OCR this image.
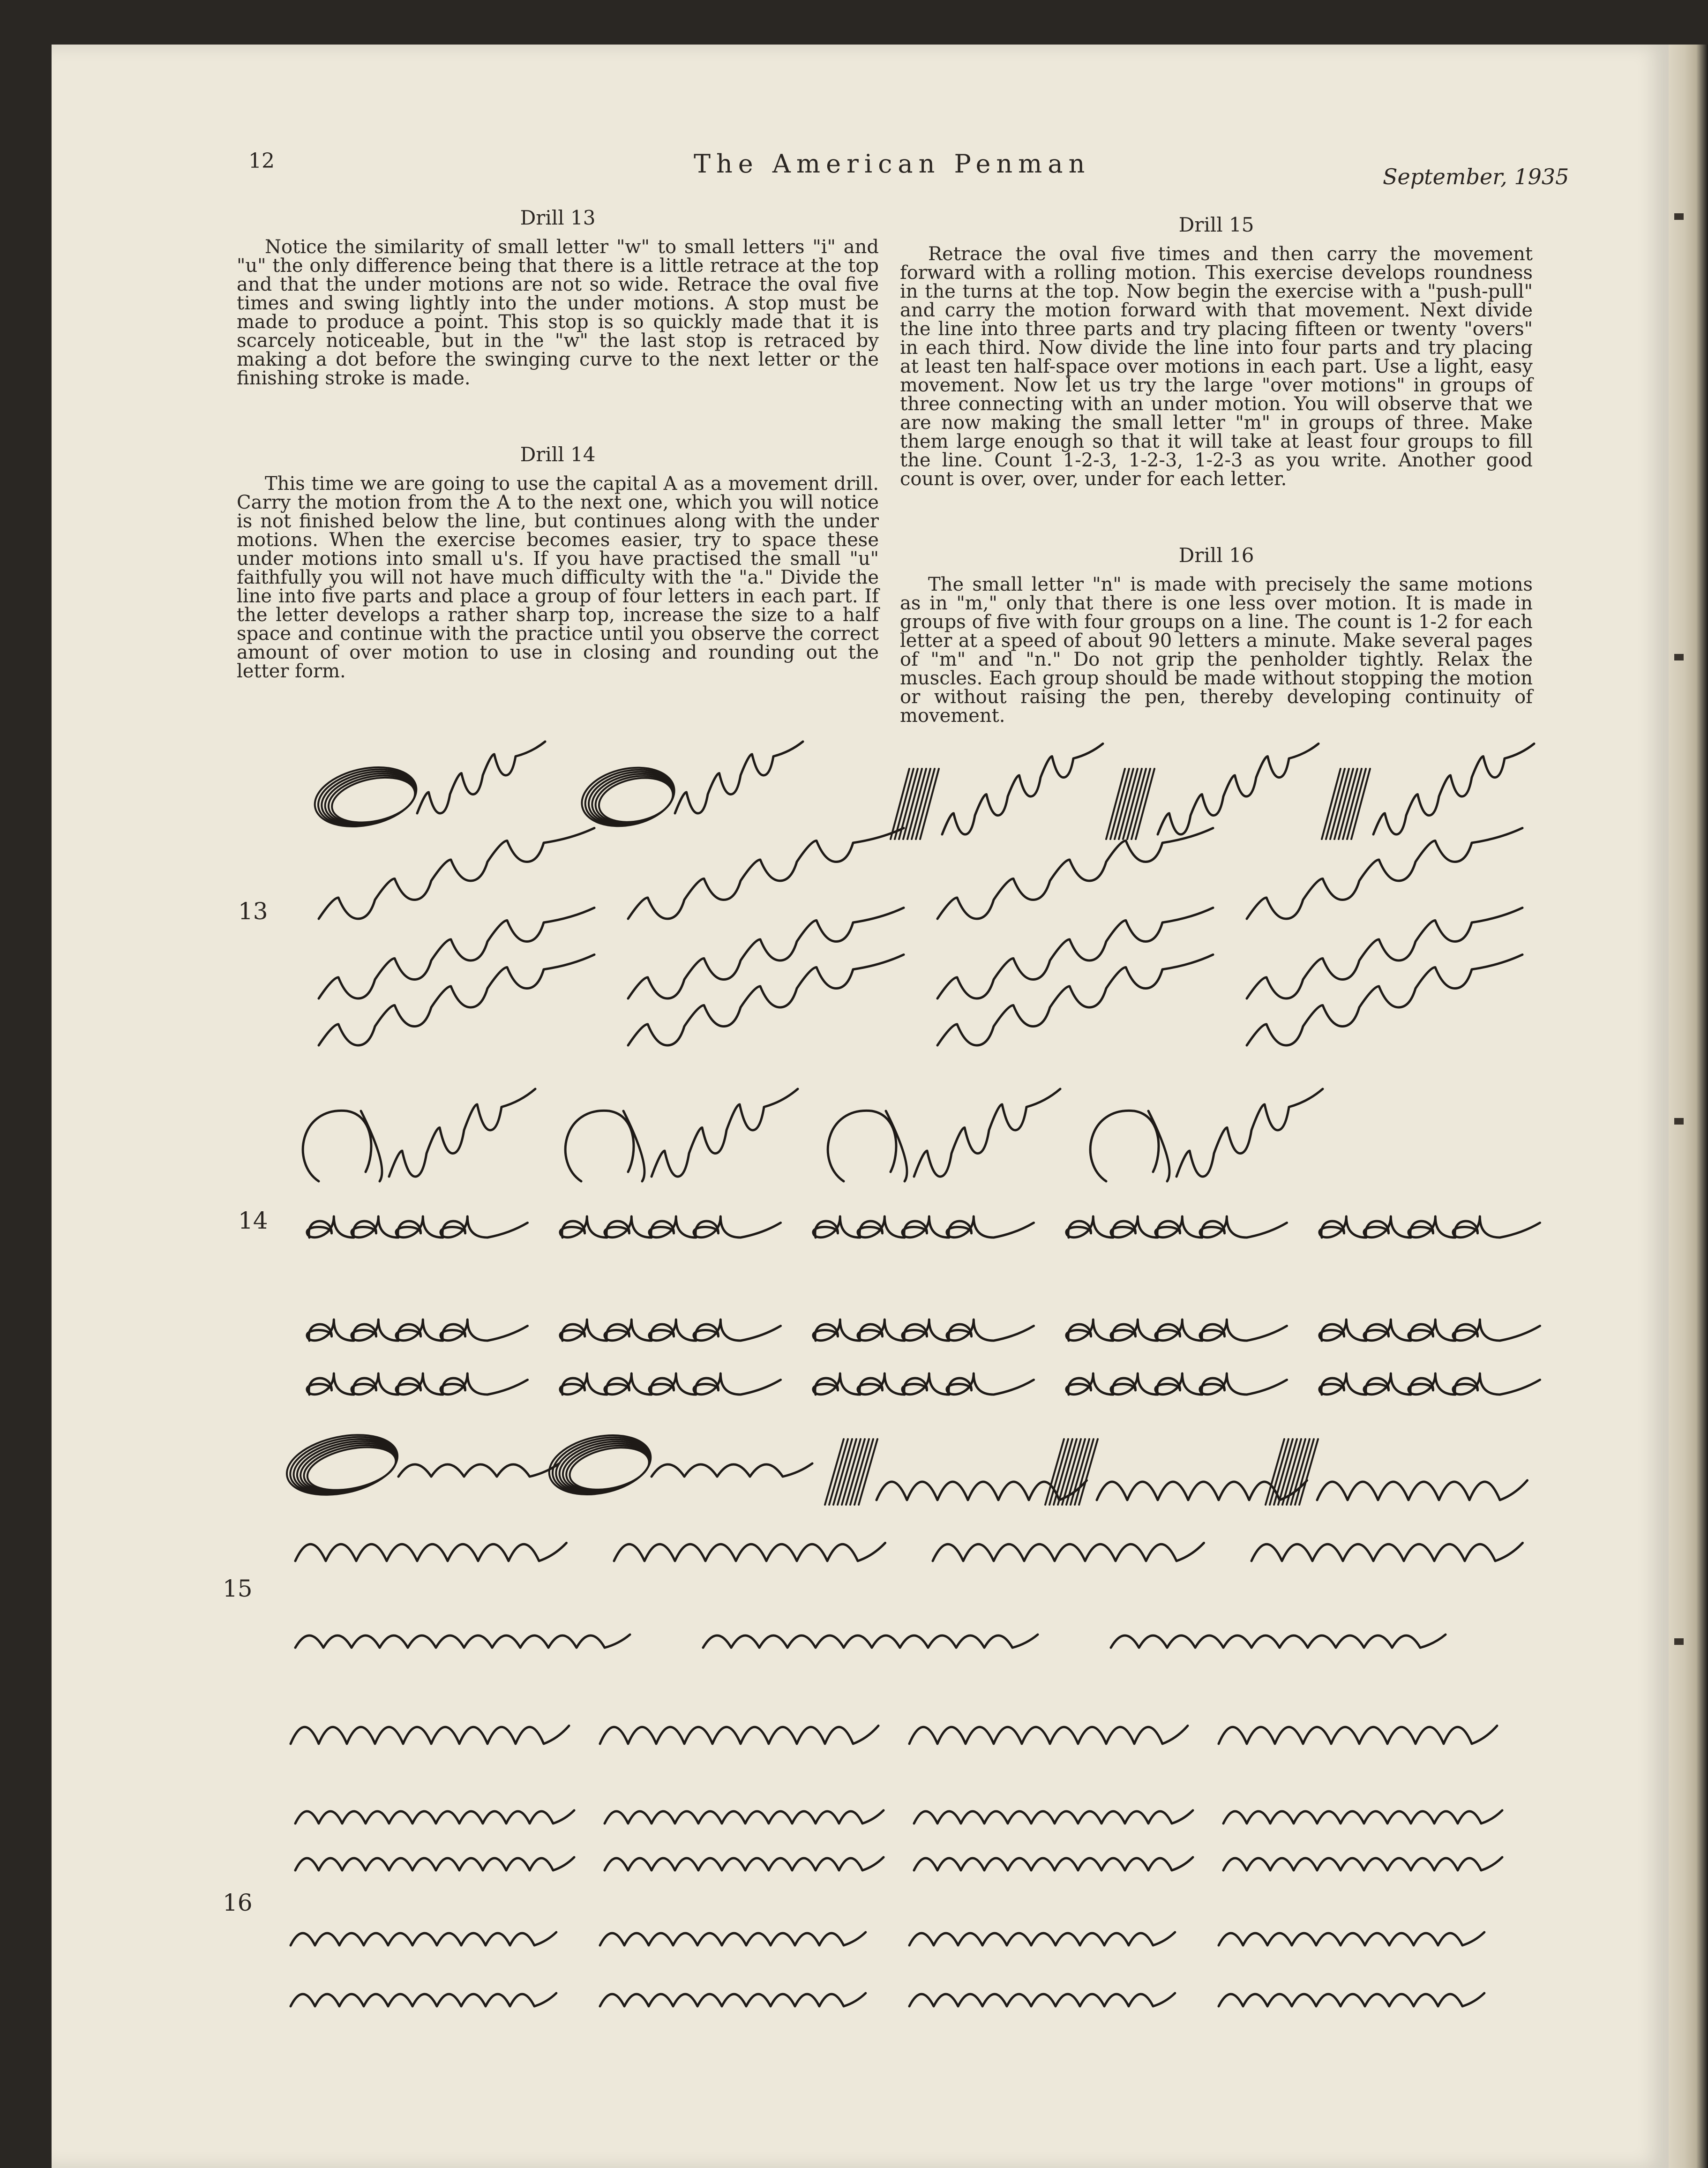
12	The American Penman	September, 1935
Drill 13

Notice the similarity of small letter "w" to small letters "i" and "u" the only difference being that there is a little retrace at the top and that the under motions are not so wide. Retrace the oval five times and swing lightly into the under motions. A stop must be made to produce a point. This stop is so quickly made that it is scarcely noticeable, but in the "w" the last stop is retraced by making a dot before the swinging curve to the next letter or the finishing stroke is made.

Drill 14

This time we are going to use the capital A as a movement drill. Carry the motion from the A to the next one, which you will notice is not finished below the line, but continues along with the under motions. When the exercise becomes easier, try to space these under motions into small u's. If you have practised the small "u" faithfully you will not have much difficulty with the "a." Divide the line into five parts and place a group of four letters in each part. If the letter develops a rather sharp top, increase the size to a half space and continue with the practice until you observe the correct amount of over motion to use in closing and rounding out the letter form.

Drill 15

Retrace the oval five times and then carry the movement forward with a rolling motion. This exercise develops roundness in the turns at the top. Now begin the exercise with a "push-pull" and carry the motion forward with that movement. Next divide the line into three parts and try placing fifteen or twenty "overs" in each third. Now divide the line into four parts and try placing at least ten half-space over motions in each part. Use a light, easy movement. Now let us try the large "over motions" in groups of three connecting with an under motion. You will observe that we are now making the small letter "m" in groups of three. Make them large enough so that it will take at least four groups to fill the line. Count 1-2-3, 1-2-3, 1-2-3 as you write. Another good count is over, over, under for each letter.

Drill 16

The small letter "n" is made with precisely the same motions as in "m," only that there is one less over motion. It is made in groups of five with four groups on a line. The count is 1-2 for each letter at a speed of about 90 letters a minute. Make several pages of "m" and "n." Do not grip the penholder tightly. Relax the muscles. Each group should be made without stopping the motion or without raising the pen, thereby developing continuity of movement.

13
14
15
16
